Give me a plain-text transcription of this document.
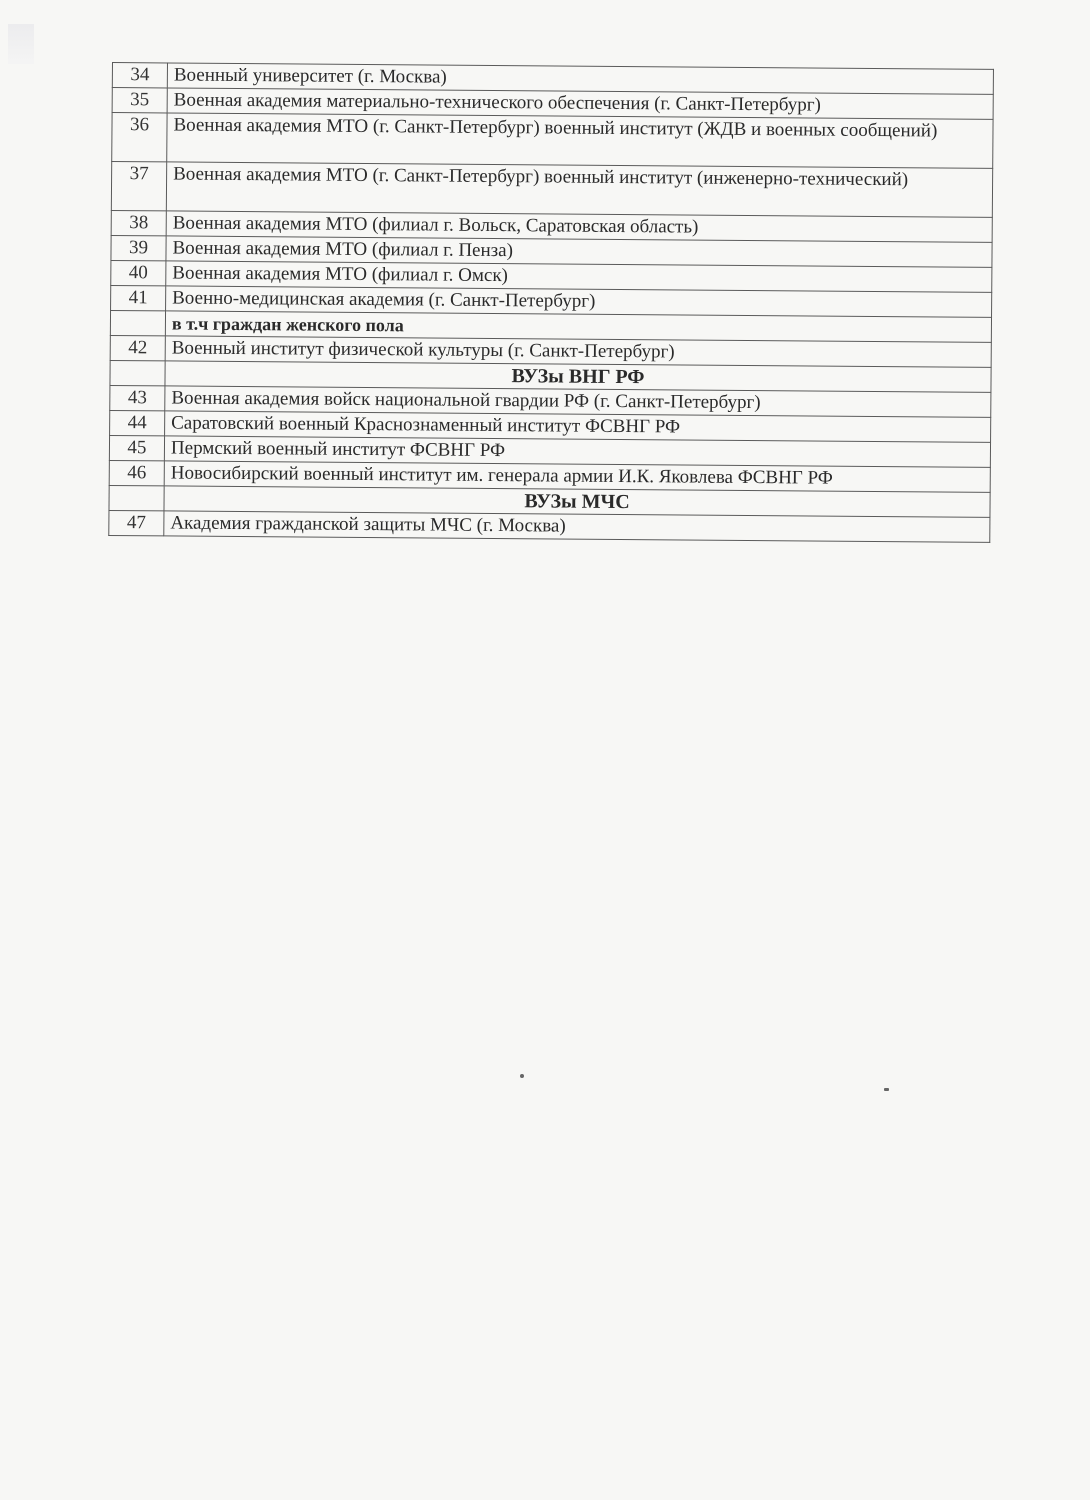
34	Военный университет (г. Москва)
35	Военная академия материально-технического обеспечения (г. Санкт-Петербург)
36	Военная академия МТО (г. Санкт-Петербург) военный институт (ЖДВ и военных сообщений)
37	Военная академия МТО (г. Санкт-Петербург) военный институт (инженерно-технический)
38	Военная академия МТО (филиал г. Вольск, Саратовская область)
39	Военная академия МТО (филиал г. Пенза)
40	Военная академия МТО (филиал г. Омск)
41	Военно-медицинская академия (г. Санкт-Петербург)
	в т.ч граждан женского пола
42	Военный институт физической культуры (г. Санкт-Петербург)
	ВУЗы ВНГ РФ
43	Военная академия войск национальной гвардии РФ (г. Санкт-Петербург)
44	Саратовский военный Краснознаменный институт ФСВНГ РФ
45	Пермский военный институт ФСВНГ РФ
46	Новосибирский военный институт им. генерала армии И.К. Яковлева ФСВНГ РФ
	ВУЗы МЧС
47	Академия гражданской защиты МЧС (г. Москва)
